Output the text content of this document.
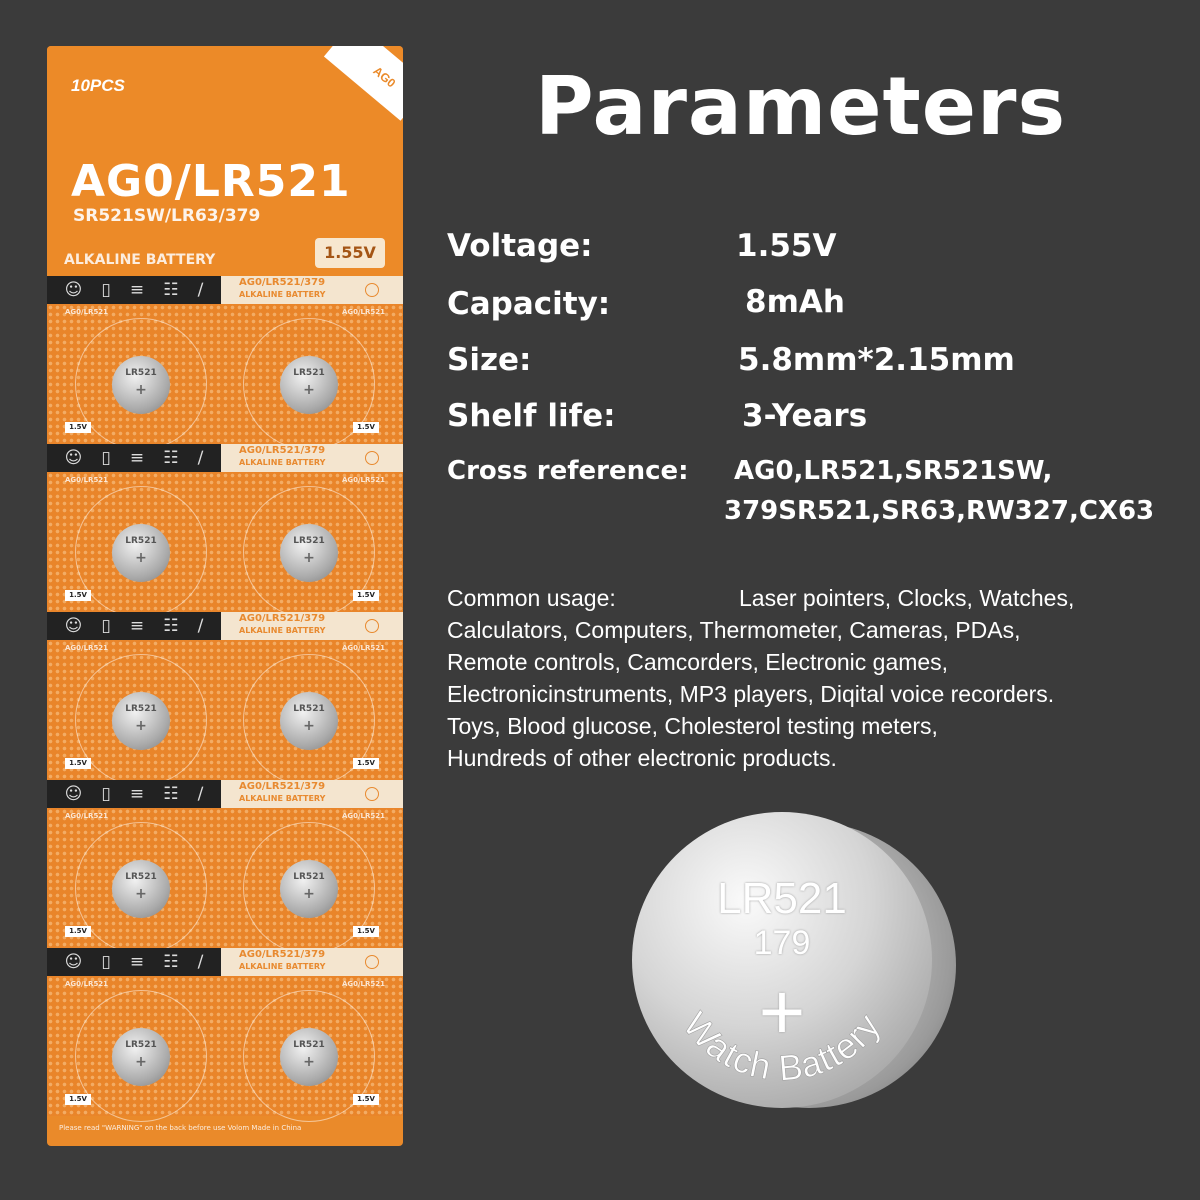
10PCS	AG0
AG0/LR521
SR521SW/LR63/379
ALKALINE BATTERY	1.55V
☺ ▯ ≡ ☷ ∕	AG0/LR521/379
ALKALINE BATTERY
AG0/LR521	AG0/LR521
LR521
+
LR521
+
1.5V	1.5V
☺ ▯ ≡ ☷ ∕	AG0/LR521/379
ALKALINE BATTERY
AG0/LR521	AG0/LR521
LR521
+
LR521
+
1.5V	1.5V
☺ ▯ ≡ ☷ ∕	AG0/LR521/379
ALKALINE BATTERY
AG0/LR521	AG0/LR521
LR521
+
LR521
+
1.5V	1.5V
☺ ▯ ≡ ☷ ∕	AG0/LR521/379
ALKALINE BATTERY
AG0/LR521	AG0/LR521
LR521
+
LR521
+
1.5V	1.5V
☺ ▯ ≡ ☷ ∕	AG0/LR521/379
ALKALINE BATTERY
AG0/LR521	AG0/LR521
LR521
+
LR521
+
1.5V	1.5V
Please read "WARNING" on the back before use Volom Made in China
Parameters
Voltage:	1.55V
Capacity:	8mAh
Size:	5.8mm*2.15mm
Shelf life:	3-Years
Cross reference: AG0,LR521,SR521SW,
379SR521,SR63,RW327,CX63
Common usage:	Laser pointers, Clocks, Watches,
Calculators, Computers, Thermometer, Cameras, PDAs,
Remote controls, Camcorders, Electronic games,
Electronicinstruments, MP3 players, Diqital voice recorders.
Toys, Blood glucose, Cholesterol testing meters,
Hundreds of other electronic products.
LR521
179
+
Watch Battery
